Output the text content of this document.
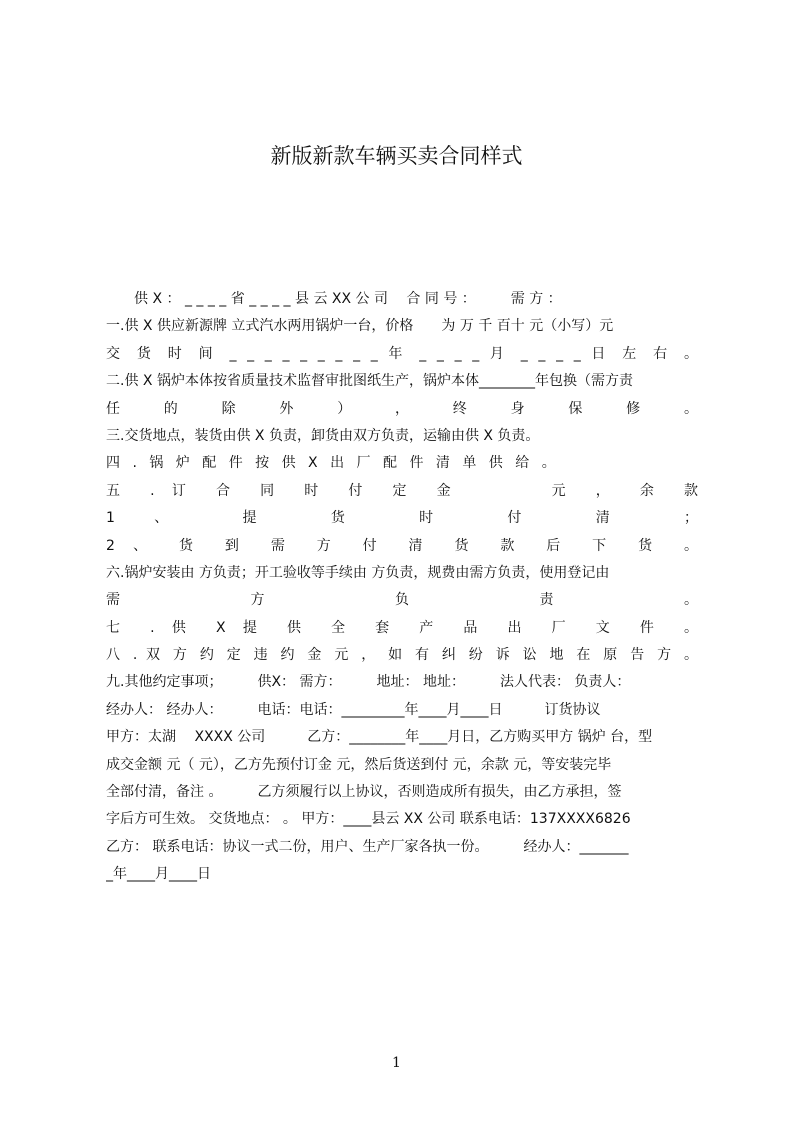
新版新款车辆买卖合同样式
　　供 X ： _ _ _ _ 省 _ _ _ _ 县 云 XX 公 司 　合 同 号 ：　　　需 方 ：
一.供 X 供应新源牌 立式汽水两用锅炉一台，价格　　为 万 千 百十 元（小写）元
交 货 时 间 _ _ _ _ _ _ _ _ _ 年 _ _ _ _ 月 _ _ _ _ 日 左 右 。
二.供 X 锅炉本体按省质量技术监督审批图纸生产，锅炉本体________年包换（需方责
任 的 除 外 ） ， 终 身 保 修 。
三.交货地点，装货由供 X 负责，卸货由双方负责，运输由供 X 负责。
四 . 锅 炉 配 件 按 供 X 出 厂 配 件 清 单 供 给 。
五 . 订 合 同 时 付 定 金 　　 元 ， 余 款
1 、 提 货 时 付 清 ；
2 、 货 到 需 方 付 清 货 款 后 下 货 。
六.锅炉安装由 方负责；开工验收等手续由 方负责，规费由需方负责，使用登记由
需 方 负 责 。
七 . 供 X 提 供 全 套 产 品 出 厂 文 件 。
八 . 双 方 约 定 违 约 金 元 ， 如 有 纠 纷 诉 讼 地 在 原 告 方 。
九.其他约定事项；　　　供X： 需方：　　　地址： 地址：　　　法人代表： 负责人：
经办人： 经办人：　　　电话：电话：_________年____月____日　　　订货协议
甲方：太湖　 XXXX 公司　　　乙方：________年____月日，乙方购买甲方 锅炉 台，型
成交金额 元（ 元），乙方先预付订金 元，然后货送到付 元，余款 元，等安装完毕
全部付清，备注 。　　　乙方须履行以上协议，否则造成所有损失，由乙方承担，签
字后方可生效。 交货地点： 。 甲方：____县云 XX 公司 联系电话：137XXXX6826
乙方： 联系电话：协议一式二份，用户、生产厂家各执一份。　　　经办人：_______
_年____月____日
1
